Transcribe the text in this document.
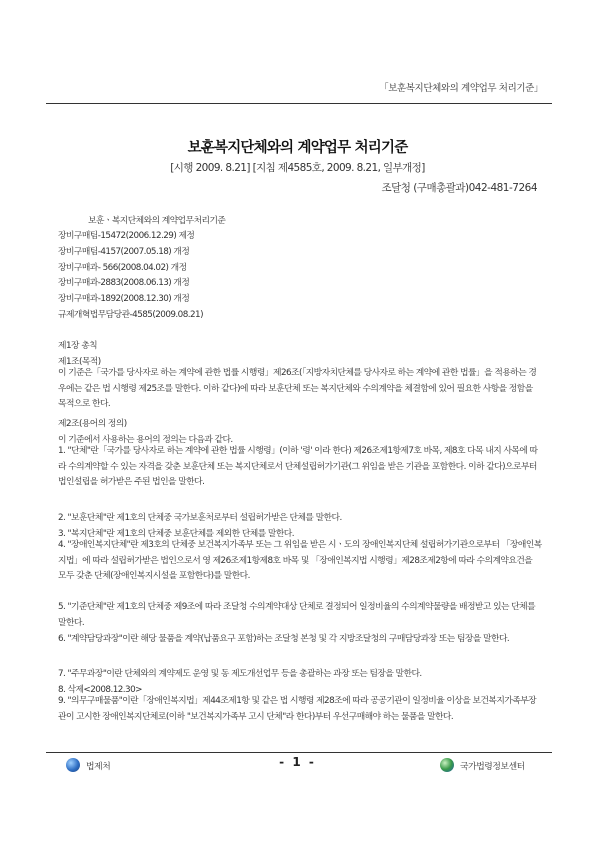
「보훈복지단체와의 계약업무 처리기준」
보훈복지단체와의 계약업무 처리기준
[시행 2009. 8.21] [지침 제4585호, 2009. 8.21, 일부개정]
조달청 (구매총괄과)042-481-7264
보훈ㆍ복지단체와의 계약업무처리기준
장비구매팀-15472(2006.12.29) 제정
장비구매팀-4157(2007.05.18) 개정
장비구매과- 566(2008.04.02) 개정
장비구매과-2883(2008.06.13) 개정
장비구매과-1892(2008.12.30) 개정
규제개혁법무담당관-4585(2009.08.21)
제1장 총칙
제1조(목적)
이 기준은「국가를 당사자로 하는 계약에 관한 법률 시행령」제26조(「지방자치단체를 당사자로 하는 계약에 관한 법률」을 적용하는 경우에는 같은 법 시행령 제25조를 말한다. 이하 같다)에 따라 보훈단체 또는 복지단체와 수의계약을 체결함에 있어 필요한 사항을 정함을 목적으로 한다.
제2조(용어의 정의)
이 기준에서 사용하는 용어의 정의는 다음과 같다.
1. "단체"란「국가를 당사자로 하는 계약에 관한 법률 시행령」(이하 '령' 이라 한다) 제26조제1항제7호 바목, 제8호 다목 내지 사목에 따라 수의계약할 수 있는 자격을 갖춘 보훈단체 또는 복지단체로서 단체설립허가기관(그 위임을 받은 기관을 포함한다. 이하 같다)으로부터 법인설립을 허가받은 주된 법인을 말한다.
2. "보훈단체"란 제1호의 단체중 국가보훈처로부터 설립허가받은 단체를 말한다.
3. "복지단체"란 제1호의 단체중 보훈단체를 제외한 단체를 말한다.
4. "장애인복지단체"란 제3호의 단체중 보건복지가족부 또는 그 위임을 받은 시ㆍ도의 장애인복지단체 설립허가기관으로부터 「장애인복지법」에 따라 설립허가받은 법인으로서 영 제26조제1항제8호 바목 및 「장애인복지법 시행령」제28조제2항에 따라 수의계약요건을 모두 갖춘 단체(장애인복지시설을 포함한다)를 말한다.
5. "기준단체"란 제1호의 단체중 제9조에 따라 조달청 수의계약대상 단체로 결정되어 일정비율의 수의계약물량을 배정받고 있는 단체를 말한다.
6. "계약담당과장"이란 해당 물품을 계약(납품요구 포함)하는 조달청 본청 및 각 지방조달청의 구매담당과장 또는 팀장을 말한다.
7. "주무과장"이란 단체와의 계약제도 운영 및 동 제도개선업무 등을 총괄하는 과장 또는 팀장을 말한다.
8. 삭제<2008.12.30>
9. "의무구매물품"이란「장애인복지법」제44조제1항 및 같은 법 시행령 제28조에 따라 공공기관이 일정비율 이상을 보건복지가족부장관이 고시한 장애인복지단체로(이하 "보건복지가족부 고시 단체"라 한다)부터 우선구매해야 하는 물품을 말한다.
법제처	- 1 -	국가법령정보센터
